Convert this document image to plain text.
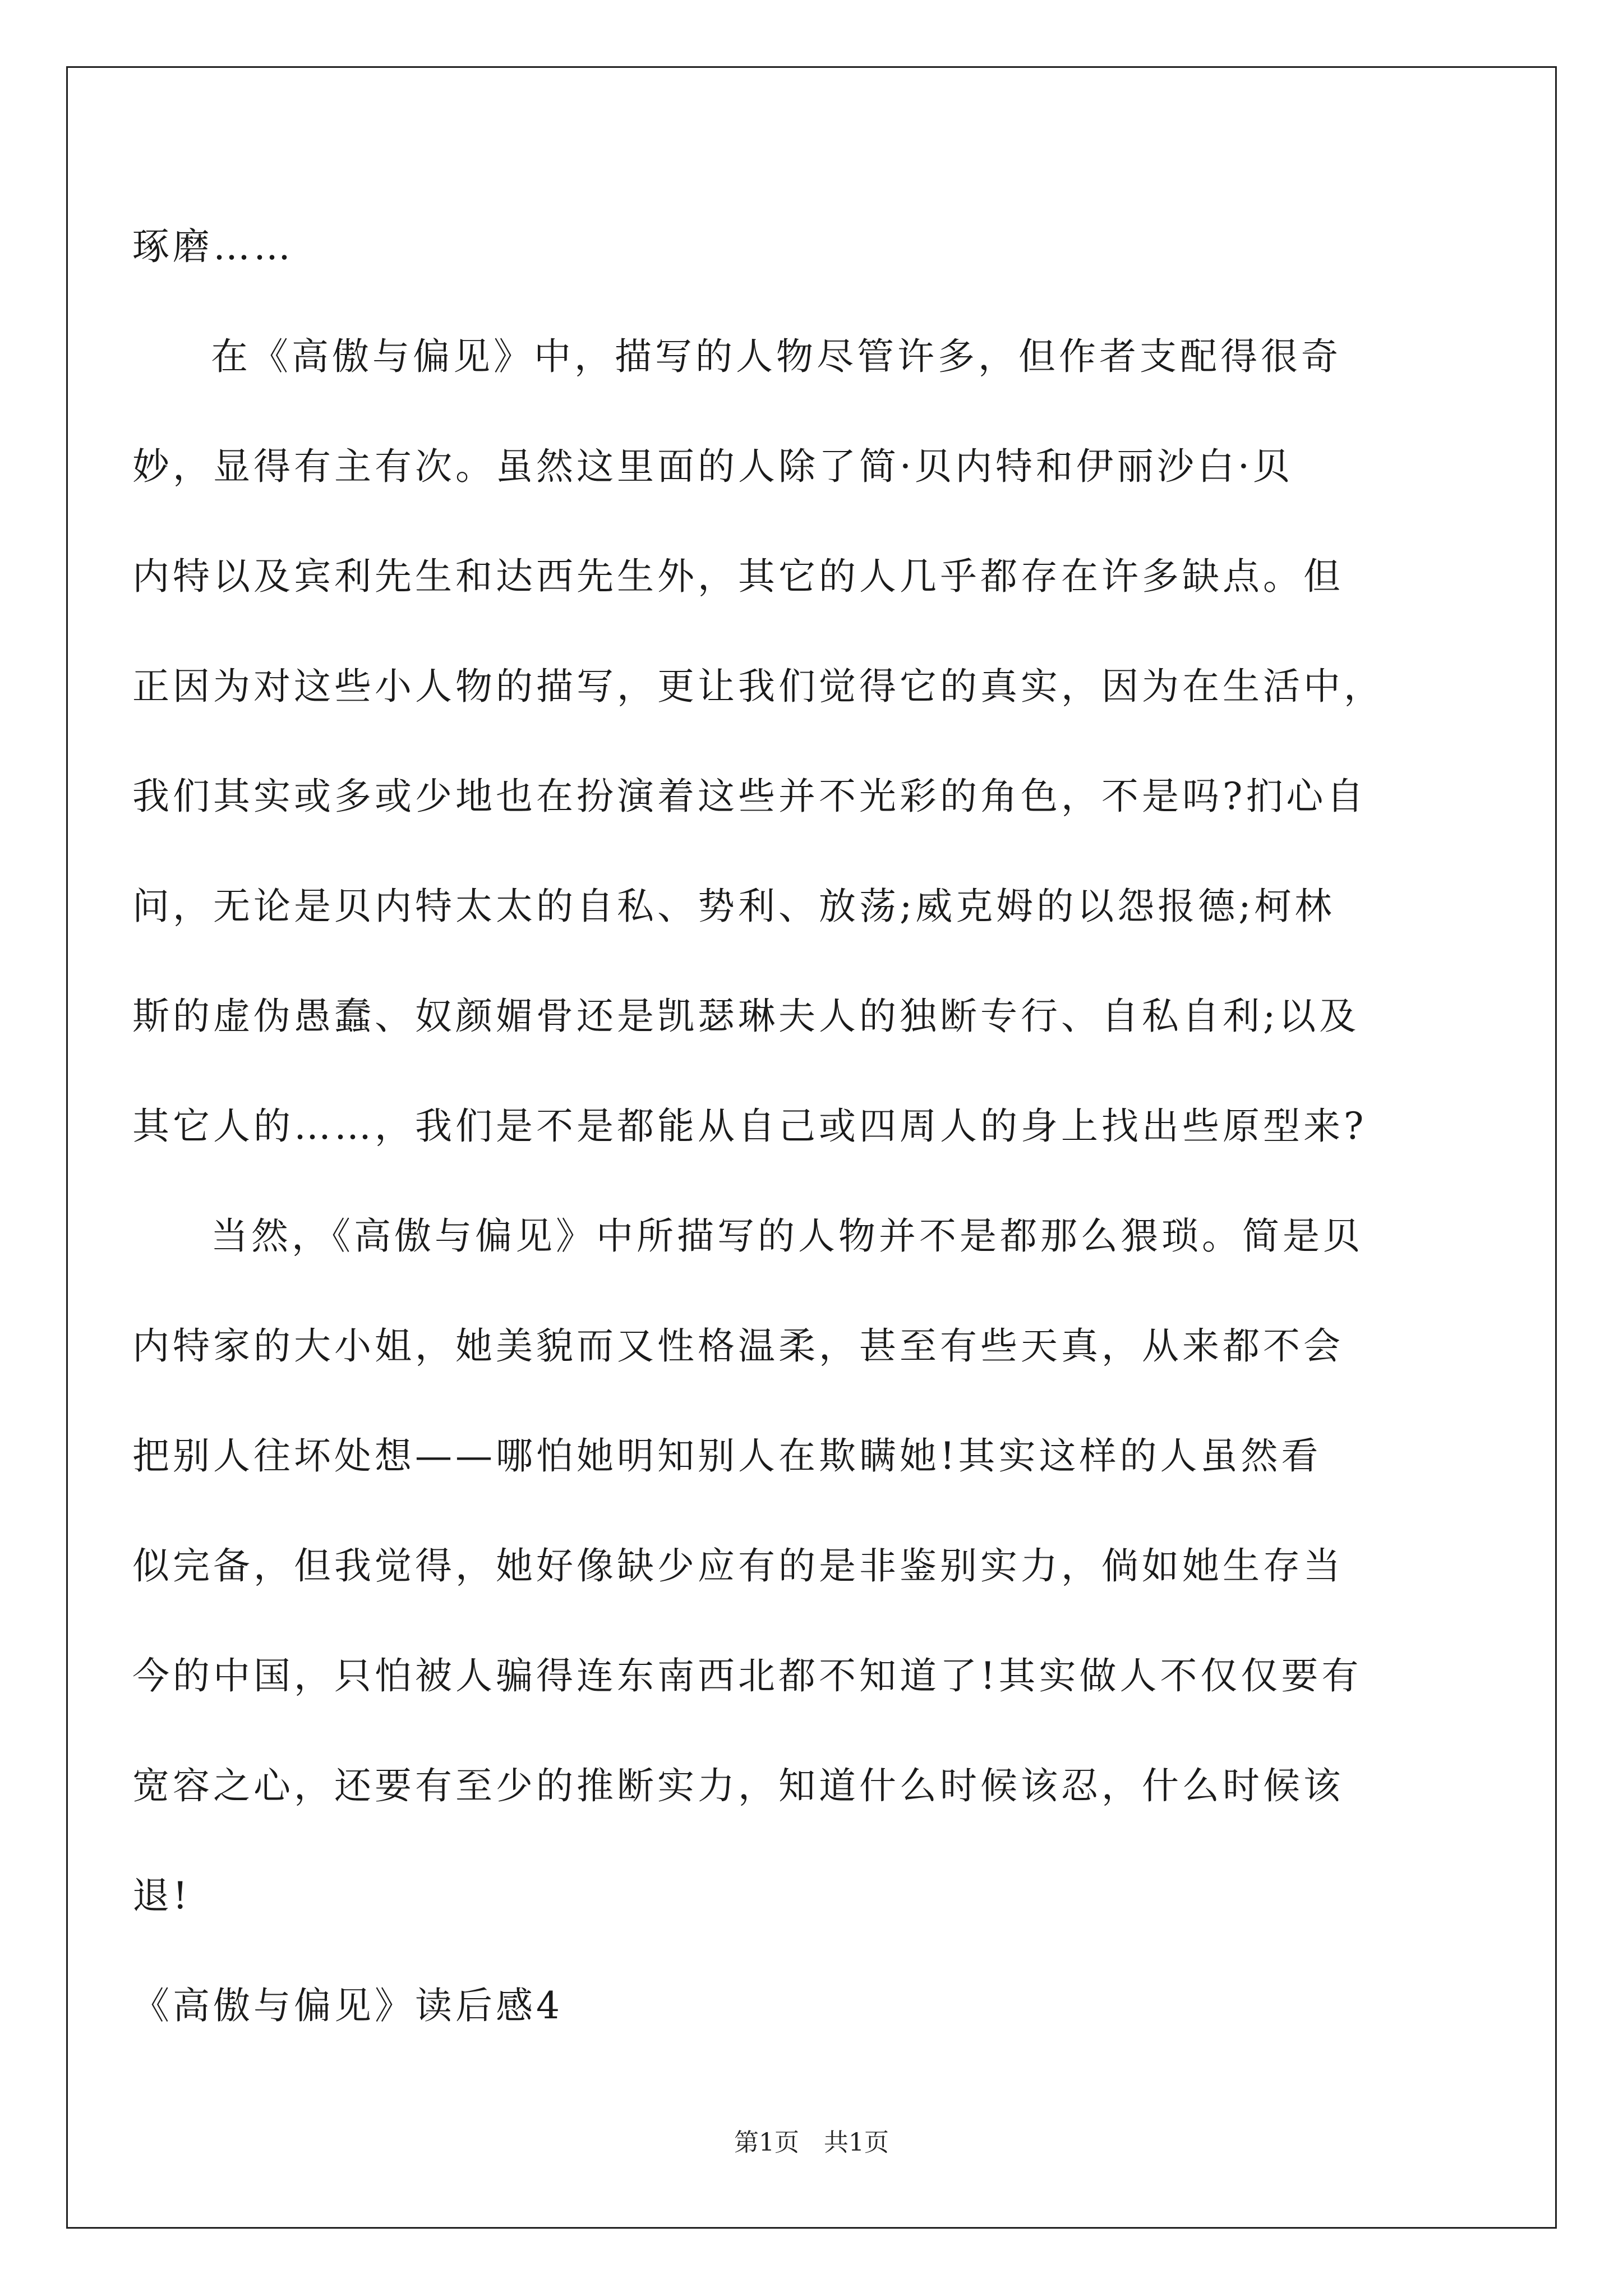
琢磨……
在《高傲与偏见》中，描写的人物尽管许多，但作者支配得很奇
妙，显得有主有次。虽然这里面的人除了简·贝内特和伊丽沙白·贝
内特以及宾利先生和达西先生外，其它的人几乎都存在许多缺点。但
正因为对这些小人物的描写，更让我们觉得它的真实，因为在生活中，
我们其实或多或少地也在扮演着这些并不光彩的角色，不是吗?扪心自
问，无论是贝内特太太的自私、势利、放荡;威克姆的以怨报德;柯林
斯的虚伪愚蠢、奴颜媚骨还是凯瑟琳夫人的独断专行、自私自利;以及
其它人的……，我们是不是都能从自己或四周人的身上找出些原型来?
当然，《高傲与偏见》中所描写的人物并不是都那么猥琐。简是贝
内特家的大小姐，她美貌而又性格温柔，甚至有些天真，从来都不会
把别人往坏处想——哪怕她明知别人在欺瞒她!其实这样的人虽然看
似完备，但我觉得，她好像缺少应有的是非鉴别实力，倘如她生存当
今的中国，只怕被人骗得连东南西北都不知道了!其实做人不仅仅要有
宽容之心，还要有至少的推断实力，知道什么时候该忍，什么时候该
退!
《高傲与偏见》读后感4
第1页　共1页
